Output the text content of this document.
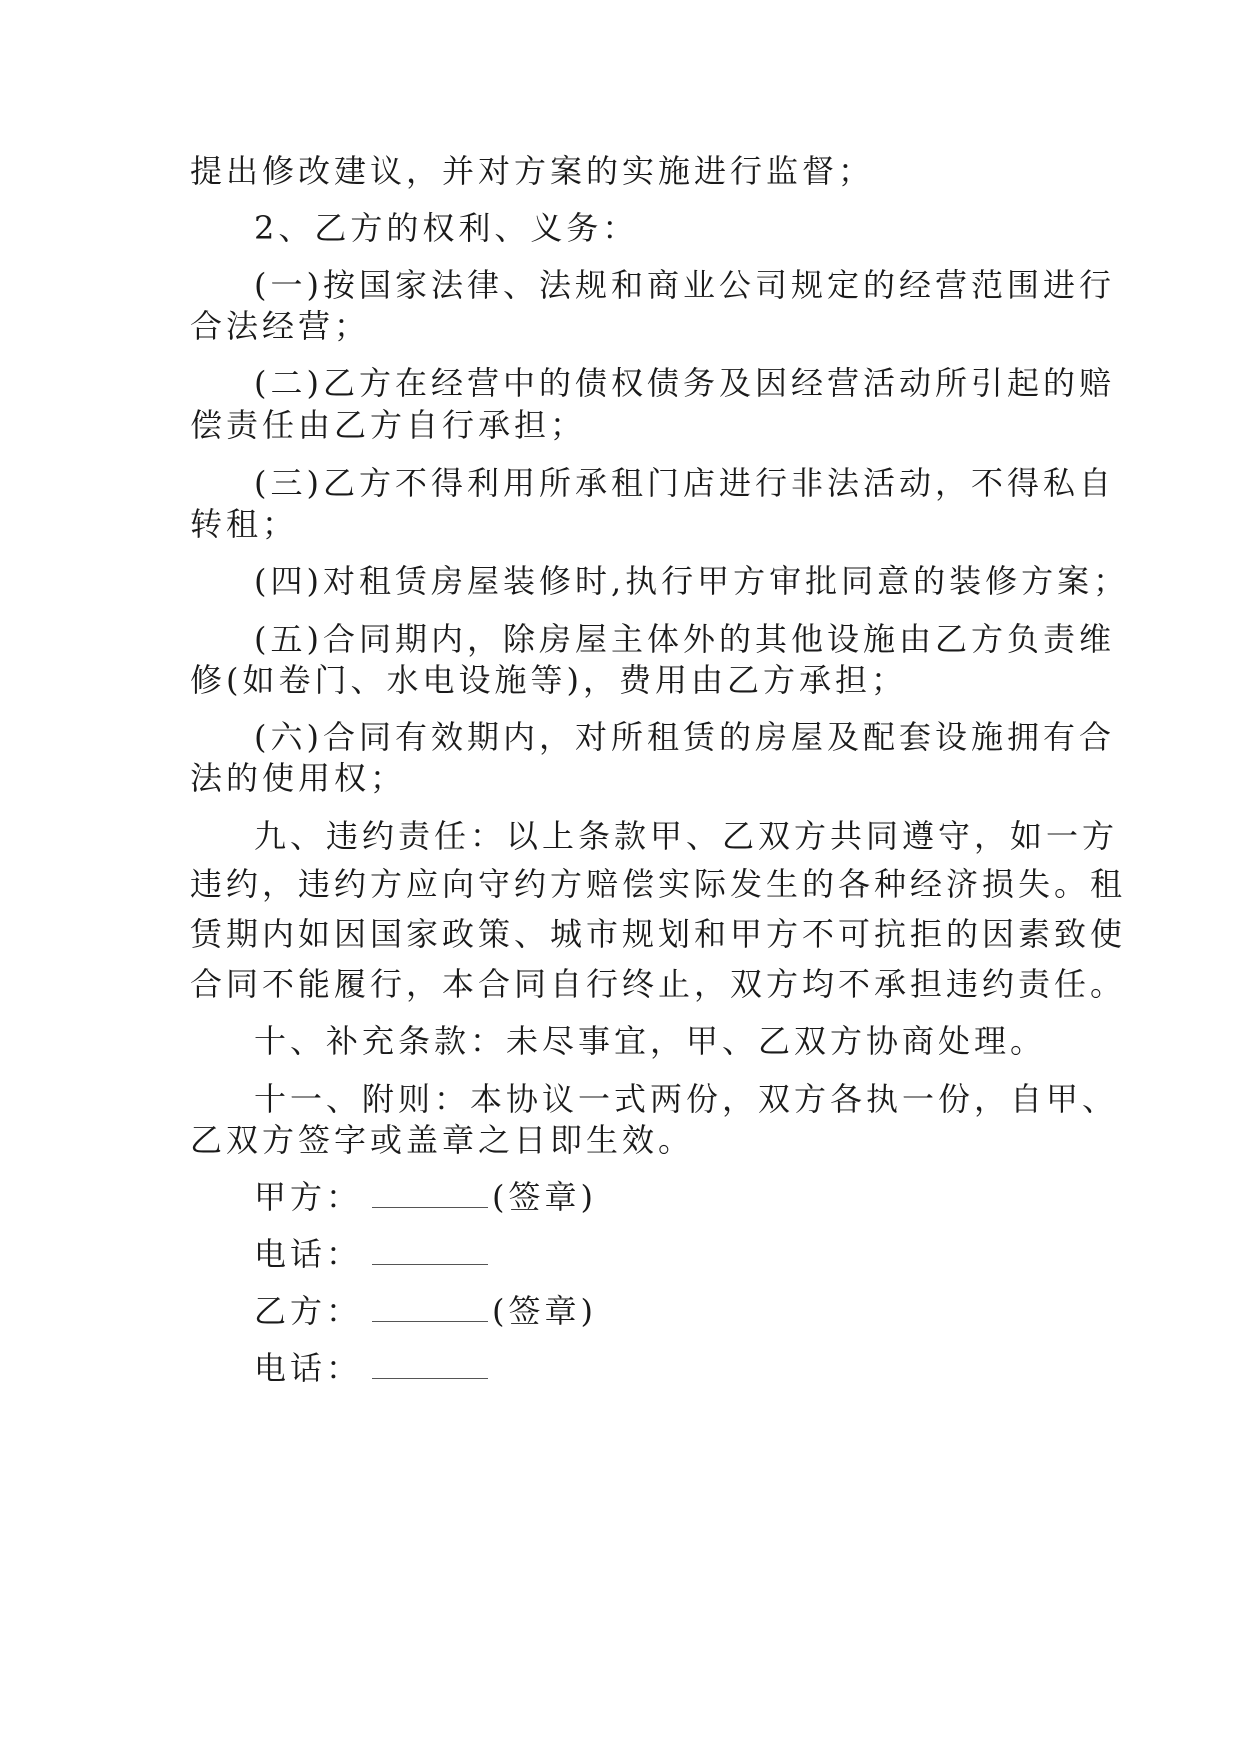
提出修改建议，并对方案的实施进行监督；
2、乙方的权利、义务：
(一)按国家法律、法规和商业公司规定的经营范围进行
合法经营；
(二)乙方在经营中的债权债务及因经营活动所引起的赔
偿责任由乙方自行承担；
(三)乙方不得利用所承租门店进行非法活动，不得私自
转租；
(四)对租赁房屋装修时,执行甲方审批同意的装修方案；
(五)合同期内，除房屋主体外的其他设施由乙方负责维
修(如卷门、水电设施等)，费用由乙方承担；
(六)合同有效期内，对所租赁的房屋及配套设施拥有合
法的使用权；
九、违约责任：以上条款甲、乙双方共同遵守，如一方
违约，违约方应向守约方赔偿实际发生的各种经济损失。租
赁期内如因国家政策、城市规划和甲方不可抗拒的因素致使
合同不能履行，本合同自行终止，双方均不承担违约责任。
十、补充条款：未尽事宜，甲、乙双方协商处理。
十一、附则：本协议一式两份，双方各执一份，自甲、
乙双方签字或盖章之日即生效。
甲方：	(签章)
电话：
乙方：	(签章)
电话：
